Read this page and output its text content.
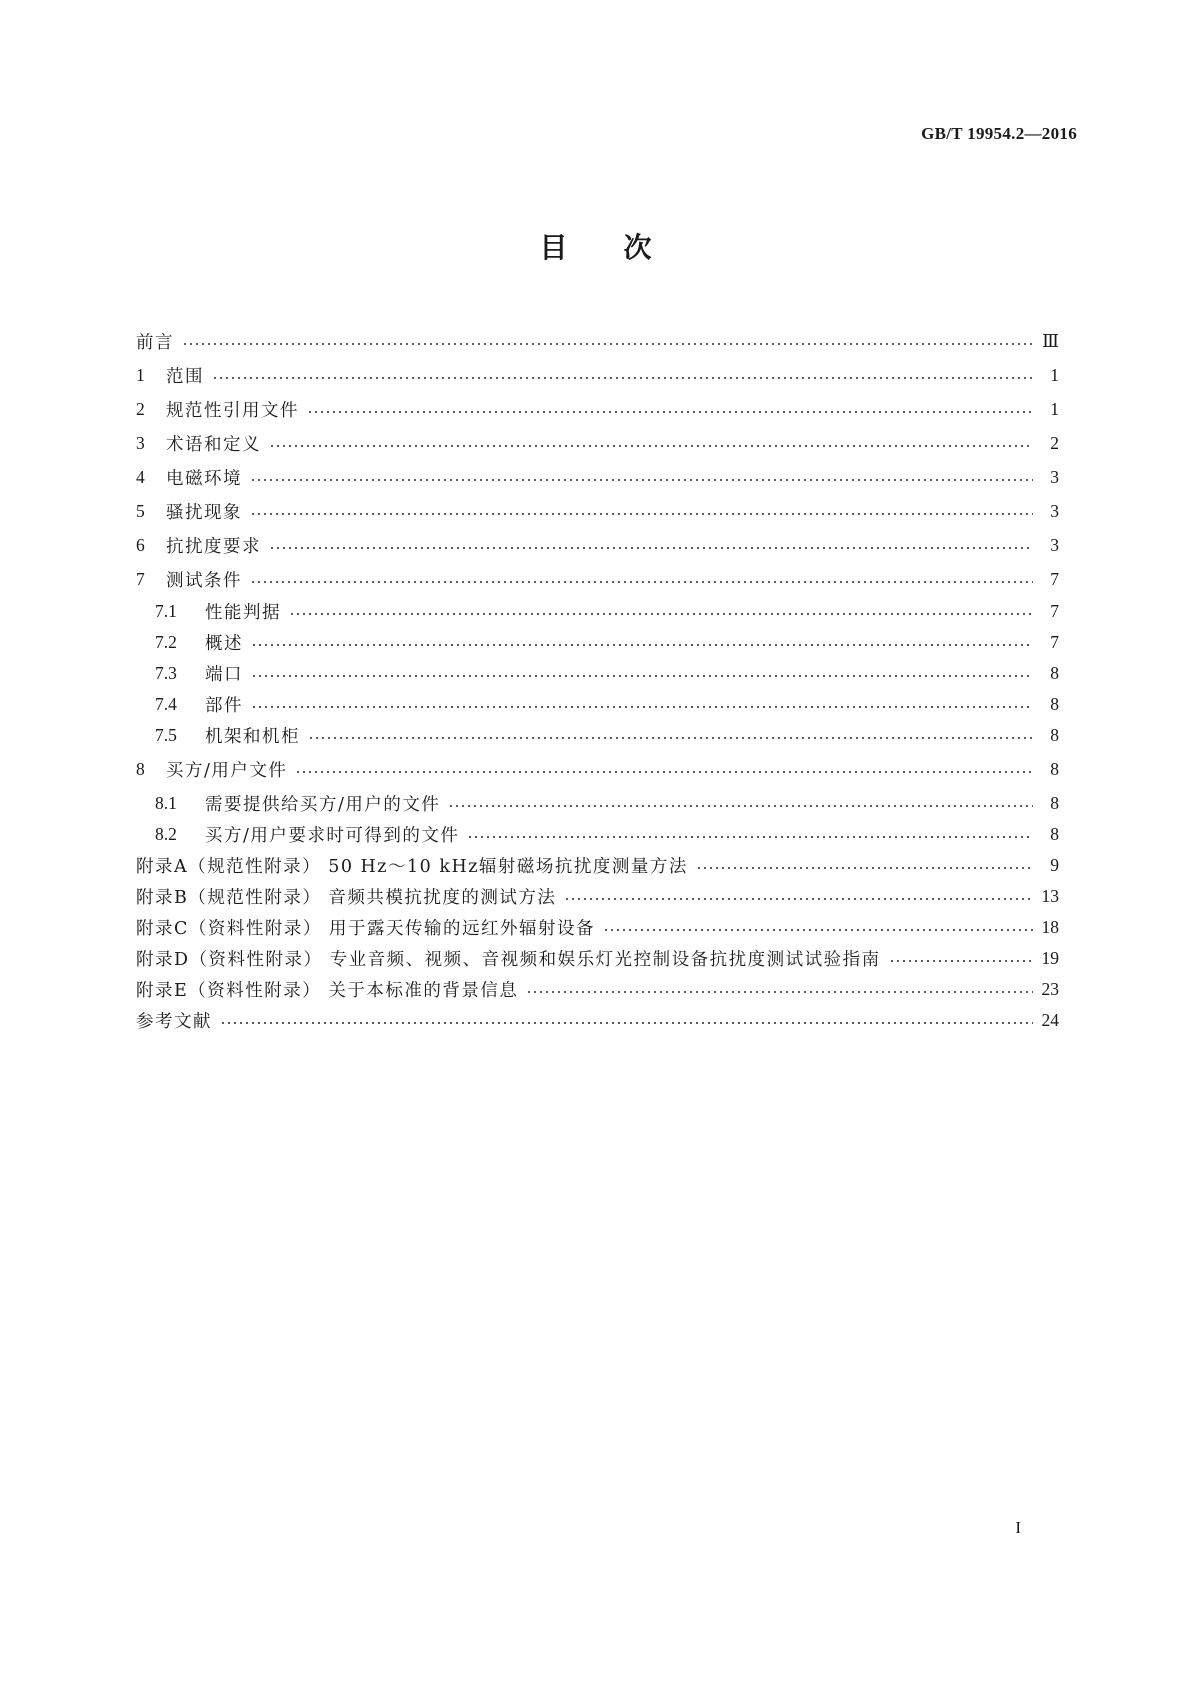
GB/T 19954.2—2016
目次
前言	Ⅲ
1	范围	1
2	规范性引用文件	1
3	术语和定义	2
4	电磁环境	3
5	骚扰现象	3
6	抗扰度要求	3
7	测试条件	7
7.1	性能判据	7
7.2	概述	7
7.3	端口	8
7.4	部件	8
7.5	机架和机柜	8
8	买方/用户文件	8
8.1	需要提供给买方/用户的文件	8
8.2	买方/用户要求时可得到的文件	8
附录A（规范性附录） 50 Hz～10 kHz辐射磁场抗扰度测量方法	9
附录B（规范性附录） 音频共模抗扰度的测试方法	13
附录C（资料性附录） 用于露天传输的远红外辐射设备	18
附录D（资料性附录） 专业音频、视频、音视频和娱乐灯光控制设备抗扰度测试试验指南	19
附录E（资料性附录） 关于本标准的背景信息	23
参考文献	24
I
